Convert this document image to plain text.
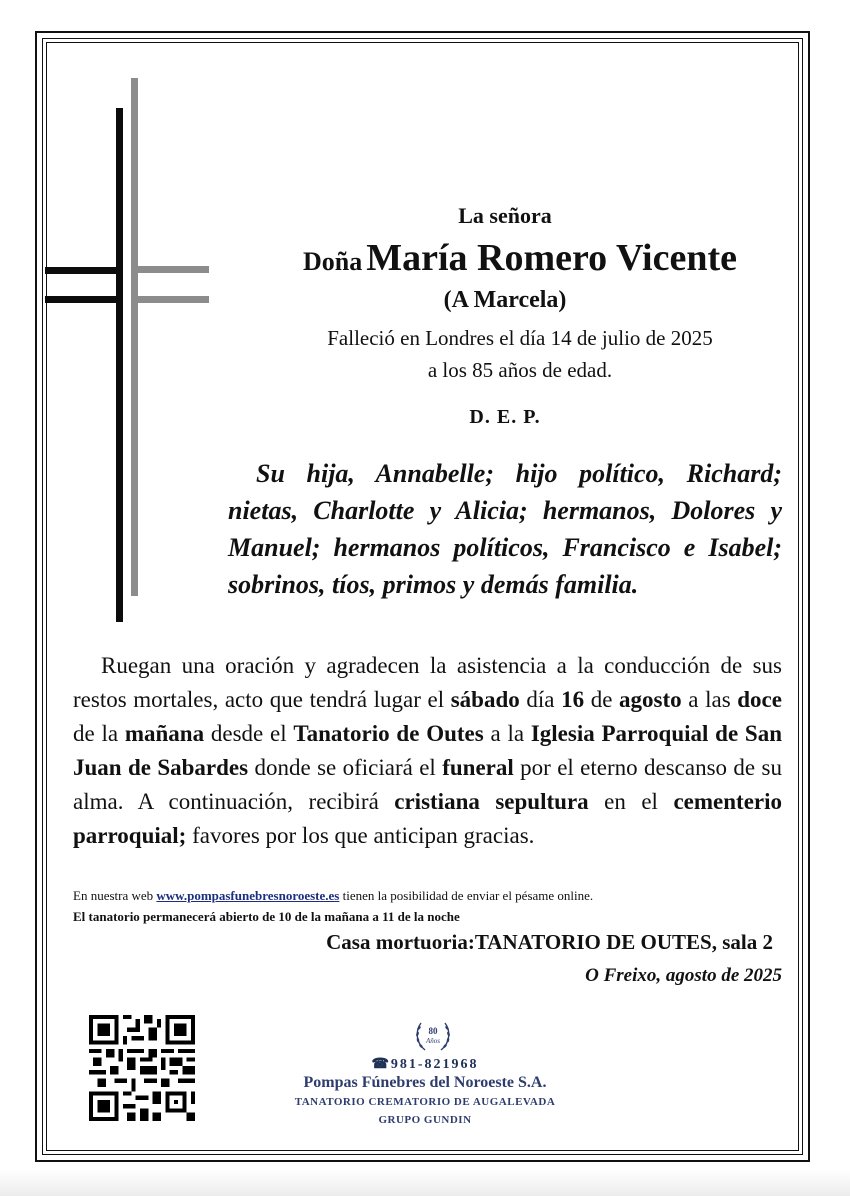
La señora
Doña María Romero Vicente
(A Marcela)
Falleció en Londres el día 14 de julio de 2025
a los 85 años de edad.
D. E. P.
Su hija, Annabelle; hijo político, Richard; nietas, Charlotte y Alicia; hermanos, Dolores y Manuel; hermanos políticos, Francisco e Isabel; sobrinos, tíos, primos y demás familia.
Ruegan una oración y agradecen la asistencia a la conducción de sus restos mortales, acto que tendrá lugar el sábado día 16 de agosto a las doce de la mañana desde el Tanatorio de Outes a la Iglesia Parroquial de San Juan de Sabardes donde se oficiará el funeral por el eterno descanso de su alma. A continuación, recibirá cristiana sepultura en el cementerio parroquial; favores por los que anticipan gracias.
En nuestra web www.pompasfunebresnoroeste.es tienen la posibilidad de enviar el pésame online.
El tanatorio permanecerá abierto de 10 de la mañana a 11 de la noche
Casa mortuoria:TANATORIO DE OUTES, sala 2
O Freixo, agosto de 2025
80
Años
☎981-821968
Pompas Fúnebres del Noroeste S.A.
TANATORIO CREMATORIO DE AUGALEVADA
GRUPO GUNDIN
